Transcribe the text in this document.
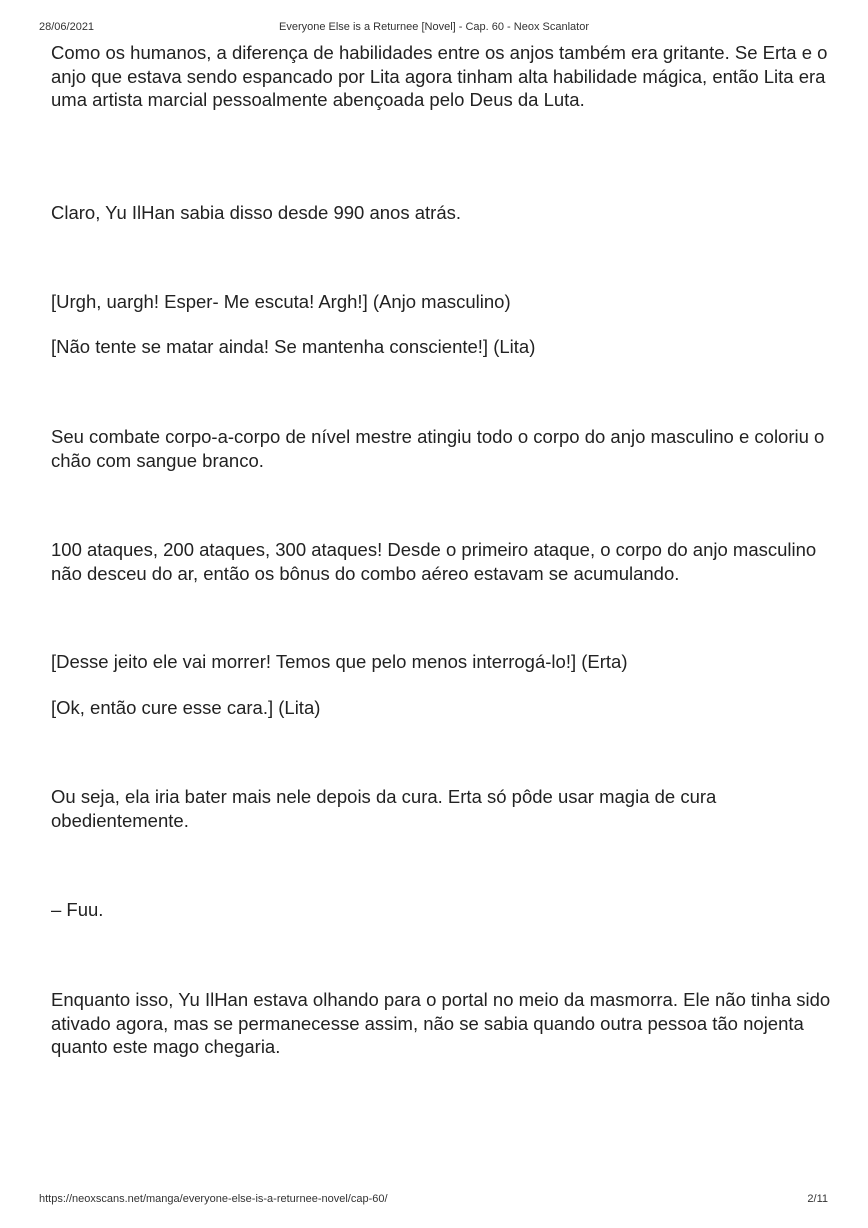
28/06/2021	Everyone Else is a Returnee [Novel] - Cap. 60 - Neox Scanlator

Como os humanos, a diferença de habilidades entre os anjos também era gritante. Se Erta e o anjo que estava sendo espancado por Lita agora tinham alta habilidade mágica, então Lita era uma artista marcial pessoalmente abençoada pelo Deus da Luta.

Claro, Yu IlHan sabia disso desde 990 anos atrás.

[Urgh, uargh! Esper- Me escuta! Argh!] (Anjo masculino)

[Não tente se matar ainda! Se mantenha consciente!] (Lita)

Seu combate corpo-a-corpo de nível mestre atingiu todo o corpo do anjo masculino e coloriu o chão com sangue branco.

100 ataques, 200 ataques, 300 ataques! Desde o primeiro ataque, o corpo do anjo masculino não desceu do ar, então os bônus do combo aéreo estavam se acumulando.

[Desse jeito ele vai morrer! Temos que pelo menos interrogá-lo!] (Erta)

[Ok, então cure esse cara.] (Lita)

Ou seja, ela iria bater mais nele depois da cura. Erta só pôde usar magia de cura obedientemente.

– Fuu.

Enquanto isso, Yu IlHan estava olhando para o portal no meio da masmorra. Ele não tinha sido ativado agora, mas se permanecesse assim, não se sabia quando outra pessoa tão nojenta quanto este mago chegaria.

https://neoxscans.net/manga/everyone-else-is-a-returnee-novel/cap-60/	2/11
